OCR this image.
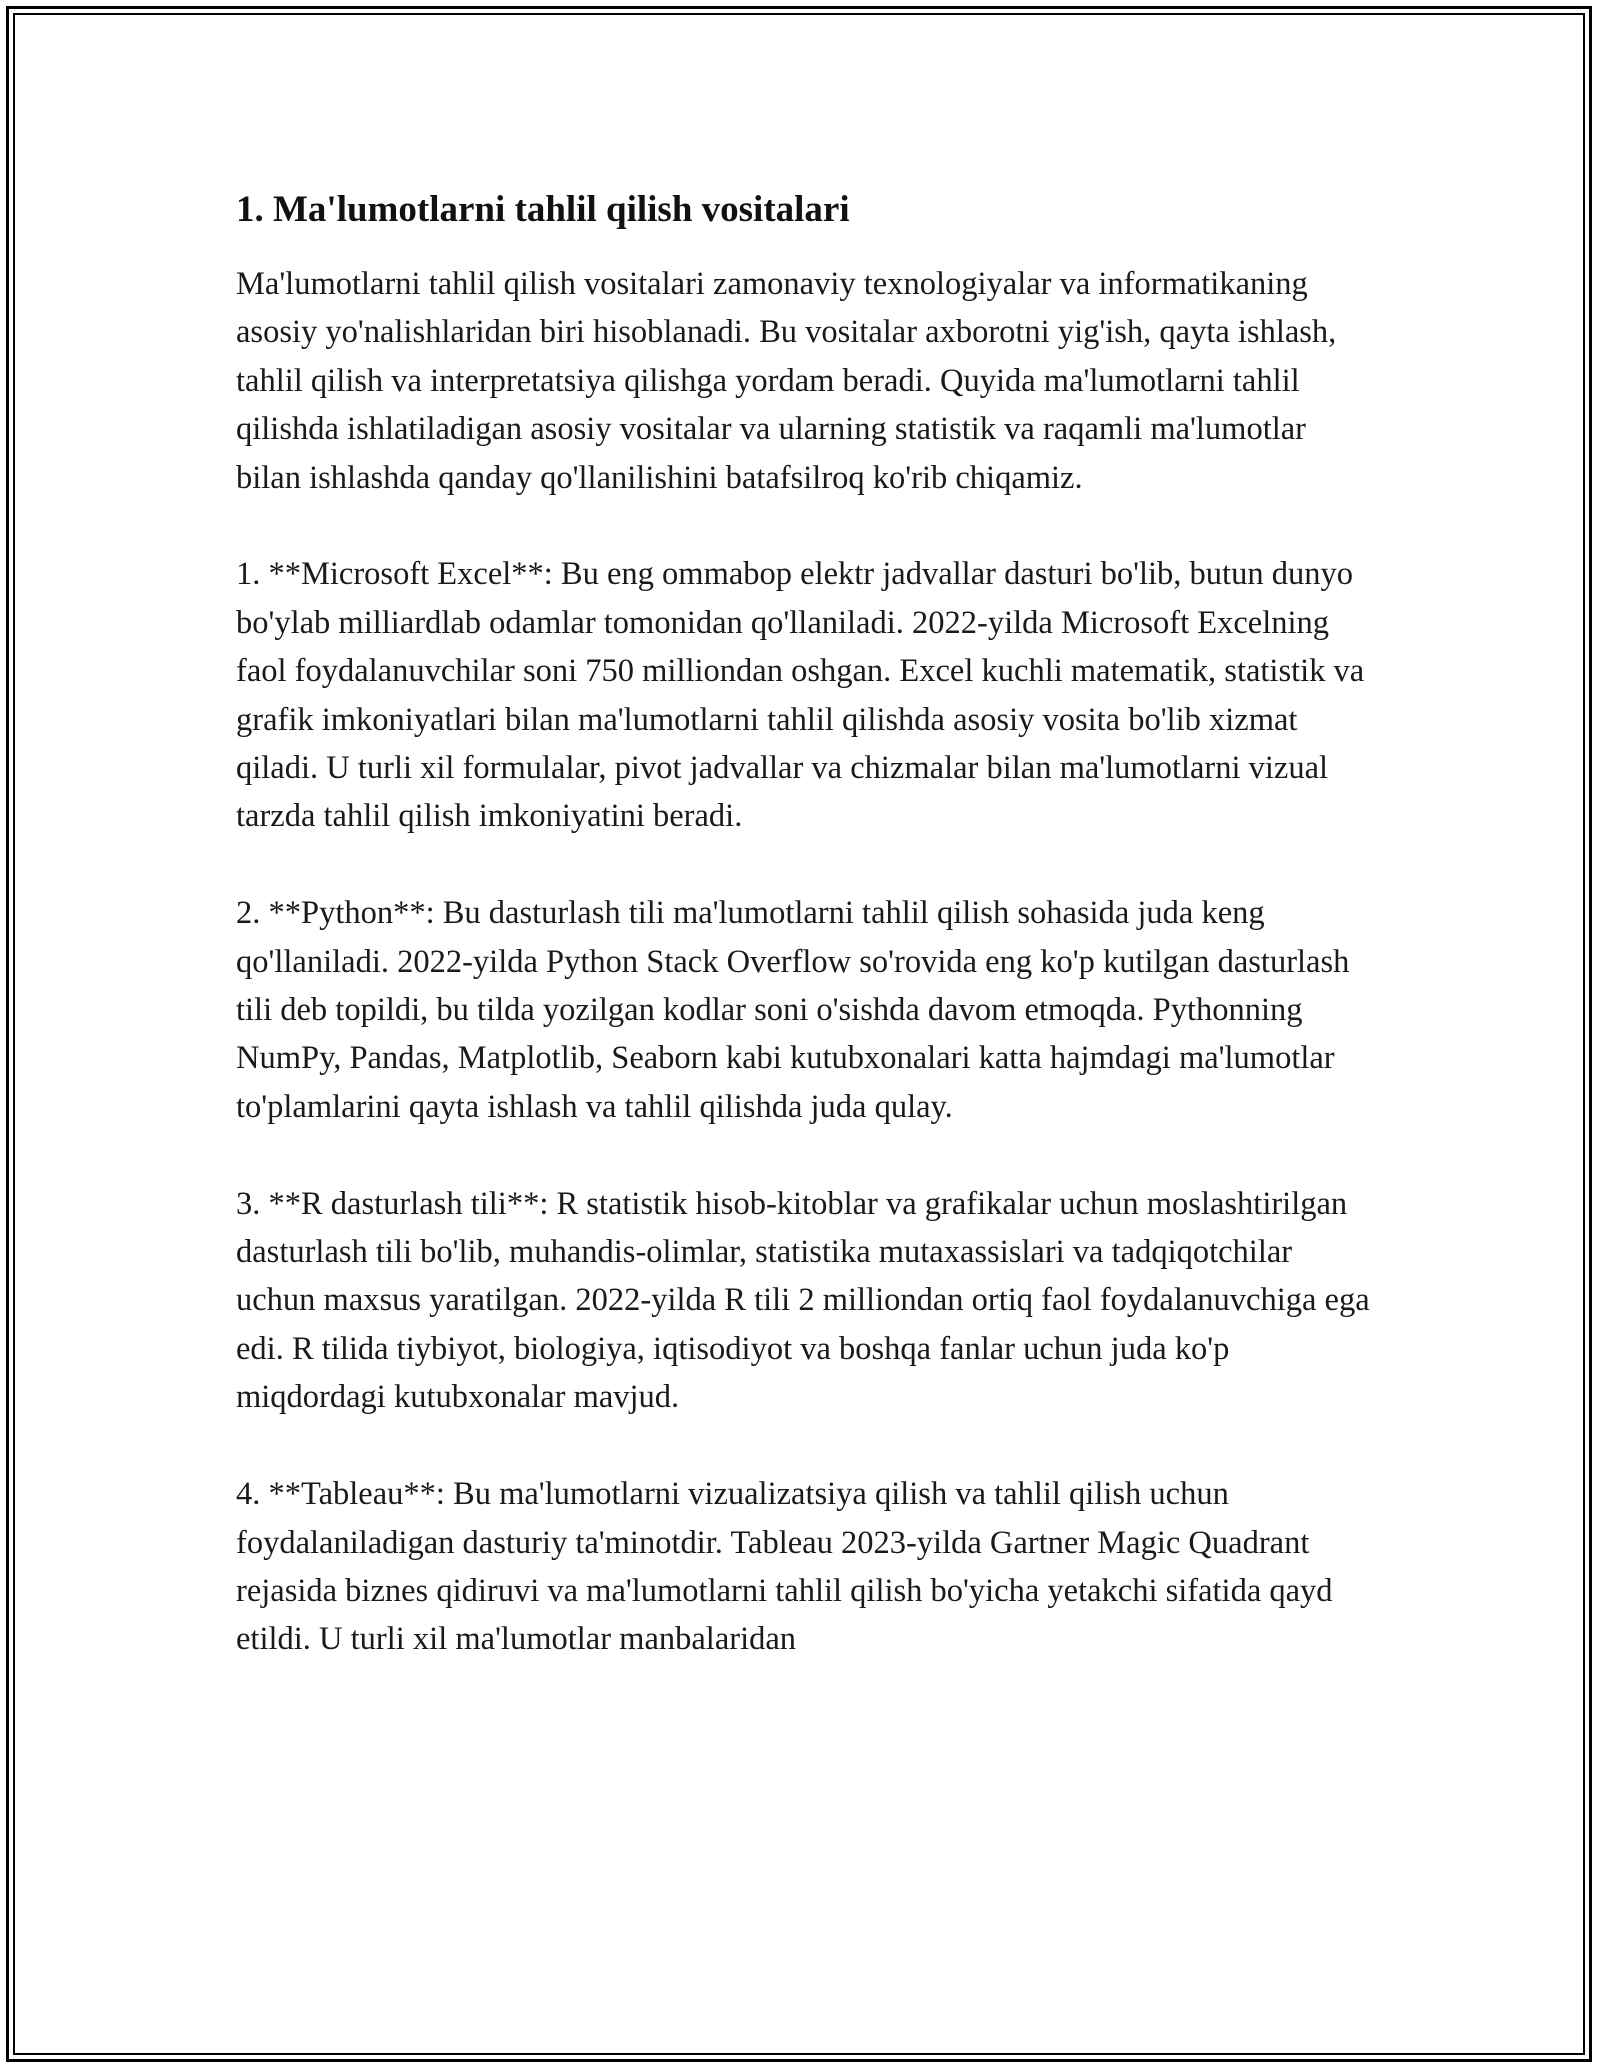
1. Ma'lumotlarni tahlil qilish vositalari

Ma'lumotlarni tahlil qilish vositalari zamonaviy texnologiyalar va informatikaning asosiy yo'nalishlaridan biri hisoblanadi. Bu vositalar axborotni yig'ish, qayta ishlash, tahlil qilish va interpretatsiya qilishga yordam beradi. Quyida ma'lumotlarni tahlil qilishda ishlatiladigan asosiy vositalar va ularning statistik va raqamli ma'lumotlar bilan ishlashda qanday qo'llanilishini batafsilroq ko'rib chiqamiz.

1. **Microsoft Excel**: Bu eng ommabop elektr jadvallar dasturi bo'lib, butun dunyo bo'ylab milliardlab odamlar tomonidan qo'llaniladi. 2022-yilda Microsoft Excelning faol foydalanuvchilar soni 750 milliondan oshgan. Excel kuchli matematik, statistik va grafik imkoniyatlari bilan ma'lumotlarni tahlil qilishda asosiy vosita bo'lib xizmat qiladi. U turli xil formulalar, pivot jadvallar va chizmalar bilan ma'lumotlarni vizual tarzda tahlil qilish imkoniyatini beradi.

2. **Python**: Bu dasturlash tili ma'lumotlarni tahlil qilish sohasida juda keng qo'llaniladi. 2022-yilda Python Stack Overflow so'rovida eng ko'p kutilgan dasturlash tili deb topildi, bu tilda yozilgan kodlar soni o'sishda davom etmoqda. Pythonning NumPy, Pandas, Matplotlib, Seaborn kabi kutubxonalari katta hajmdagi ma'lumotlar to'plamlarini qayta ishlash va tahlil qilishda juda qulay.

3. **R dasturlash tili**: R statistik hisob-kitoblar va grafikalar uchun moslashtirilgan dasturlash tili bo'lib, muhandis-olimlar, statistika mutaxassislari va tadqiqotchilar uchun maxsus yaratilgan. 2022-yilda R tili 2 milliondan ortiq faol foydalanuvchiga ega edi. R tilida tiybiyot, biologiya, iqtisodiyot va boshqa fanlar uchun juda ko'p miqdordagi kutubxonalar mavjud.

4. **Tableau**: Bu ma'lumotlarni vizualizatsiya qilish va tahlil qilish uchun foydalaniladigan dasturiy ta'minotdir. Tableau 2023-yilda Gartner Magic Quadrant rejasida biznes qidiruvi va ma'lumotlarni tahlil qilish bo'yicha yetakchi sifatida qayd etildi. U turli xil ma'lumotlar manbalaridan
